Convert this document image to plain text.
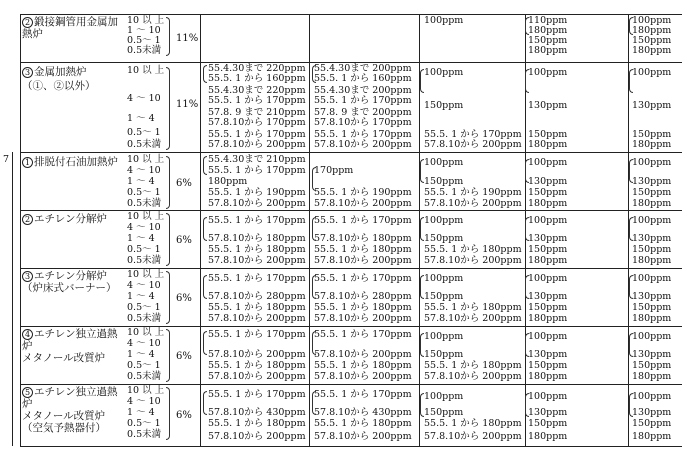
7
2 鍛接鋼管用金属加
熱炉
10 以 上
1 ～ 10
0.5～ 1
0.5未満
11%
100ppm	110ppm
180ppm
150ppm
180ppm
100ppm
180ppm
150ppm
180ppm
3 金属加熱炉
（①、②以外）
10 以 上
4 ～ 10
1 ～ 4
0.5～ 1
0.5未満
11%
55.4.30まで 220ppm
55.5. 1 から 160ppm
55.4.30まで 220ppm
55.5. 1 から 170ppm
57.8. 9 まで 210ppm
57.8.10から 170ppm
55.5. 1 から 170ppm
57.8.10から 200ppm
55.4.30まで 200ppm
55.5. 1 から 160ppm
55.4.30まで 200ppm
55.5. 1 から 170ppm
57.8. 9 まで 200ppm
57.8.10から 170ppm
55.5. 1 から 170ppm
57.8.10から 200ppm
100ppm
150ppm
55.5. 1 から 170ppm
57.8.10から 200ppm
100ppm
130ppm
150ppm
180ppm
100ppm
130ppm
150ppm
180ppm
1 排脱付石油加熱炉 10 以 上
4 ～ 10
1 ～ 4
0.5～ 1
0.5未満
6%
55.4.30まで 210ppm
55.5. 1 から 170ppm
180ppm
55.5. 1 から 190ppm
57.8.10から 200ppm
170ppm
55.5. 1 から 190ppm
57.8.10から 200ppm
100ppm
150ppm
55.5. 1 から 190ppm
57.8.10から 200ppm
100ppm
130ppm
150ppm
180ppm
100ppm
130ppm
150ppm
180ppm
2 エチレン分解炉 10 以 上
4 ～ 10
1 ～ 4
0.5～ 1
0.5未満
6%
55.5. 1 から 170ppm
57.8.10から 180ppm
55.5. 1 から 180ppm
57.8.10から 200ppm
55.5. 1 から 170ppm
57.8.10から 180ppm
55.5. 1 から 180ppm
57.8.10から 200ppm
100ppm
150ppm
55.5. 1 から 180ppm
57.8.10から 200ppm
100ppm
130ppm
150ppm
180ppm
100ppm
130ppm
150ppm
180ppm
3 エチレン分解炉
（炉床式バーナー）
10 以 上
4 ～ 10
1 ～ 4
0.5～ 1
0.5未満
6%
55.5. 1 から 170ppm
57.8.10から 280ppm
55.5. 1 から 180ppm
57.8.10から 200ppm
55.5. 1 から 170ppm
57.8.10から 280ppm
55.5. 1 から 180ppm
57.8.10から 200ppm
100ppm
150ppm
55.5. 1 から 180ppm
57.8.10から 200ppm
100ppm
130ppm
150ppm
180ppm
100ppm
130ppm
150ppm
180ppm
4 エチレン独立過熱
炉
メタノール改質炉
10 以 上
4 ～ 10
1 ～ 4
0.5～ 1
0.5未満
6%
55.5. 1 から 170ppm
57.8.10から 200ppm
55.5. 1 から 180ppm
57.8.10から 200ppm
55.5. 1 から 170ppm
57.8.10から 200ppm
55.5. 1 から 180ppm
57.8.10から 200ppm
100ppm
150ppm
55.5. 1 から 180ppm
57.8.10から 200ppm
100ppm
130ppm
150ppm
180ppm
100ppm
130ppm
150ppm
180ppm
5 エチレン独立過熱
炉
メタノール改質炉
（空気予熱器付）
10 以 上
4 ～ 10
1 ～ 4
0.5～ 1
0.5未満
6%
55.5. 1 から 170ppm
57.8.10から 430ppm
55.5. 1 から 180ppm
57.8.10から 200ppm
55.5. 1 から 170ppm
57.8.10から 430ppm
55.5. 1 から 180ppm
57.8.10から 200ppm
100ppm
150ppm
55.5. 1 から 180ppm
57.8.10から 200ppm
100ppm
130ppm
150ppm
180ppm
100ppm
130ppm
150ppm
180ppm
